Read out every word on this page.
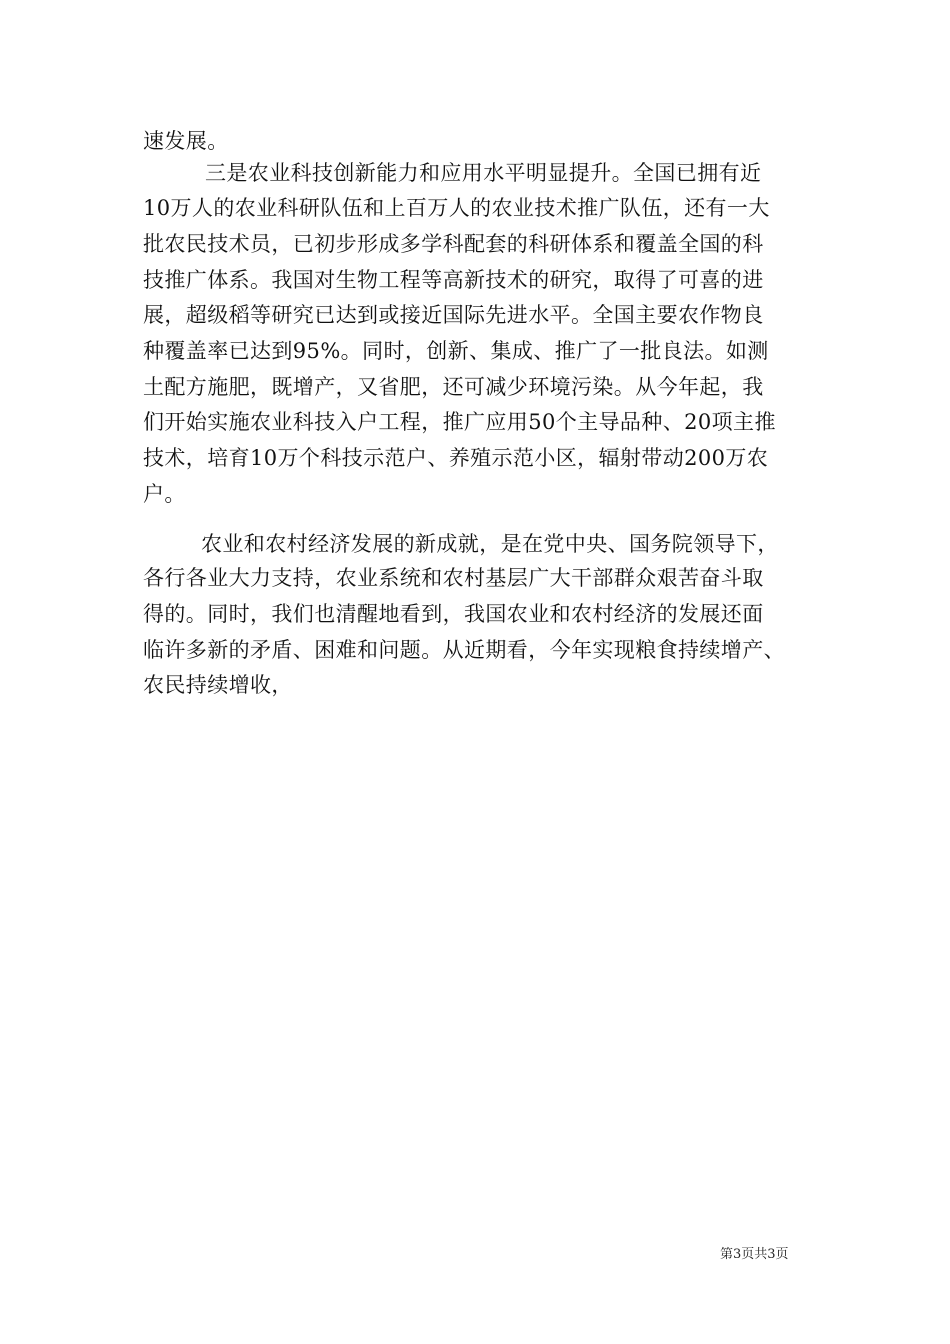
速发展。
三是农业科技创新能力和应用水平明显提升。全国已拥有近
10万人的农业科研队伍和上百万人的农业技术推广队伍，还有一大
批农民技术员，已初步形成多学科配套的科研体系和覆盖全国的科
技推广体系。我国对生物工程等高新技术的研究，取得了可喜的进
展，超级稻等研究已达到或接近国际先进水平。全国主要农作物良
种覆盖率已达到95%。同时，创新、集成、推广了一批良法。如测
土配方施肥，既增产，又省肥，还可减少环境污染。从今年起，我
们开始实施农业科技入户工程，推广应用50个主导品种、20项主推
技术，培育10万个科技示范户、养殖示范小区，辐射带动200万农
户。
农业和农村经济发展的新成就，是在党中央、国务院领导下，
各行各业大力支持，农业系统和农村基层广大干部群众艰苦奋斗取
得的。同时，我们也清醒地看到，我国农业和农村经济的发展还面
临许多新的矛盾、困难和问题。从近期看，今年实现粮食持续增产、
农民持续增收，
第3页共3页
